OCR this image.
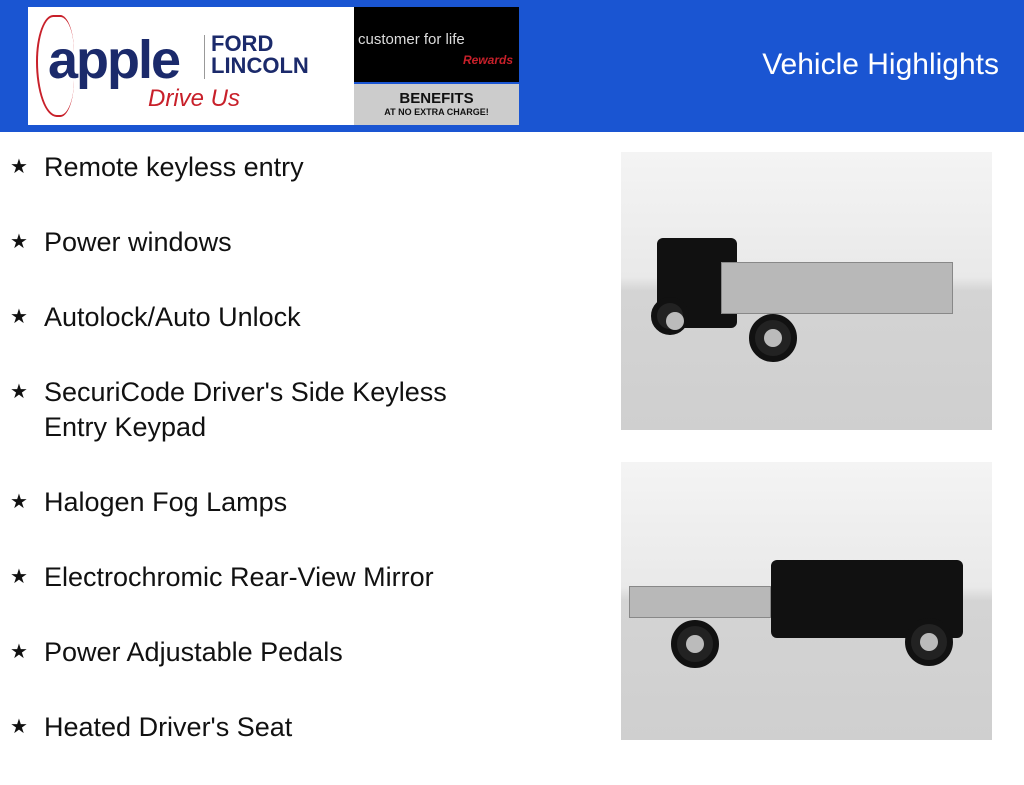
apple FORD LINCOLN
Drive Us
customer for life
Rewards
BENEFITS
AT NO EXTRA CHARGE!
Vehicle Highlights
★ Remote keyless entry
★ Power windows
★ Autolock/Auto Unlock
★ SecuriCode Driver's Side Keyless Entry Keypad
★ Halogen Fog Lamps
★ Electrochromic Rear-View Mirror
★ Power Adjustable Pedals
★ Heated Driver's Seat
